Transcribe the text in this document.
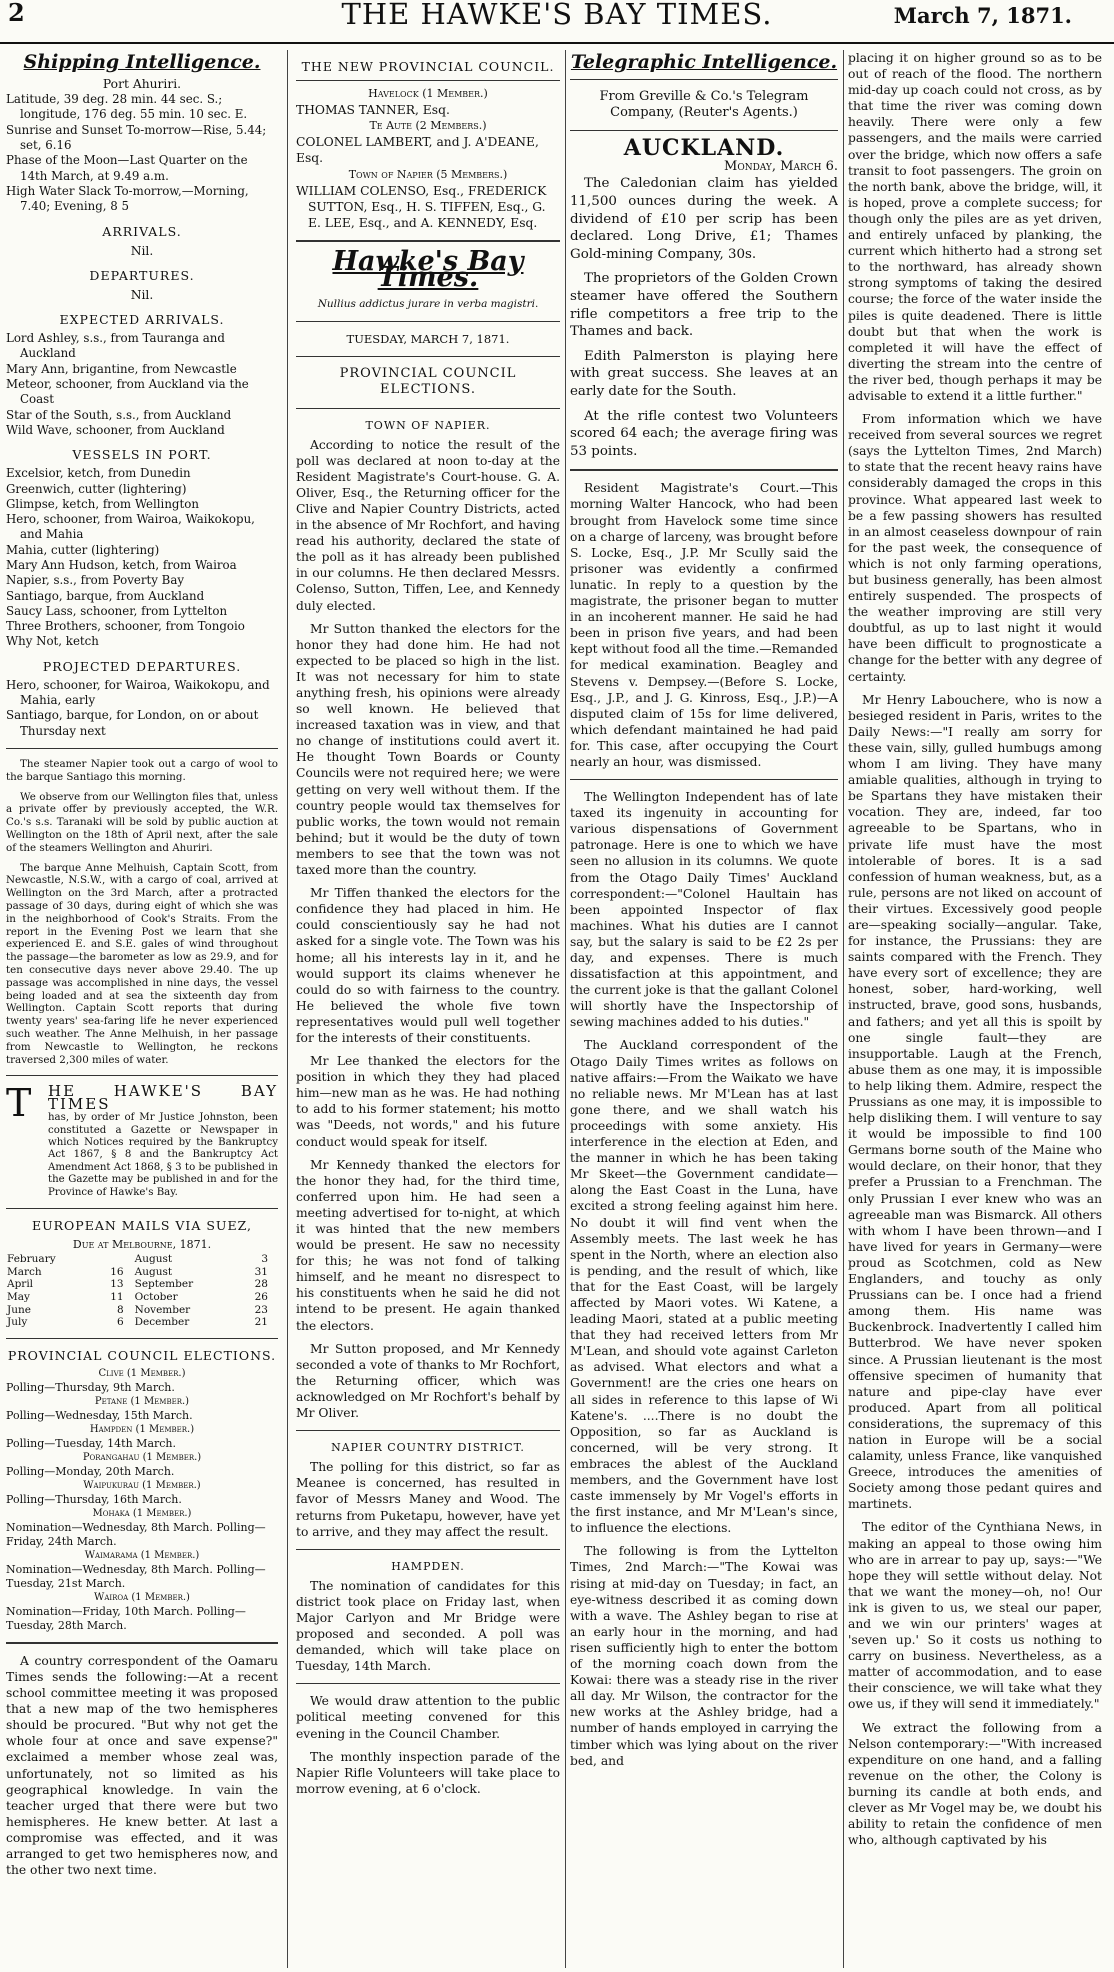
2	THE HAWKE'S BAY TIMES.	March 7, 1871.
Shipping Intelligence.

Port Ahuriri.

Latitude, 39 deg. 28 min. 44 sec. S.; longitude, 176 deg. 55 min. 10 sec. E.
Sunrise and Sunset To-morrow—Rise, 5.44; set, 6.16
Phase of the Moon—Last Quarter on the 14th March, at 9.49 a.m.
High Water Slack To-morrow,—Morning, 7.40; Evening, 8 5
ARRIVALS.

Nil.

DEPARTURES.

Nil.

EXPECTED ARRIVALS.
Lord Ashley, s.s., from Tauranga and Auckland
Mary Ann, brigantine, from Newcastle
Meteor, schooner, from Auckland via the Coast
Star of the South, s.s., from Auckland
Wild Wave, schooner, from Auckland
VESSELS IN PORT.
Excelsior, ketch, from Dunedin
Greenwich, cutter (lightering)
Glimpse, ketch, from Wellington
Hero, schooner, from Wairoa, Waikokopu, and Mahia
Mahia, cutter (lightering)
Mary Ann Hudson, ketch, from Wairoa
Napier, s.s., from Poverty Bay
Santiago, barque, from Auckland
Saucy Lass, schooner, from Lyttelton
Three Brothers, schooner, from Tongoio
Why Not, ketch
PROJECTED DEPARTURES.
Hero, schooner, for Wairoa, Waikokopu, and Mahia, early
Santiago, barque, for London, on or about Thursday next

The steamer Napier took out a cargo of wool to the barque Santiago this morning.

We observe from our Wellington files that, unless a private offer by previously accepted, the W.R. Co.'s s.s. Taranaki will be sold by public auction at Wellington on the 18th of April next, after the sale of the steamers Wellington and Ahuriri.

The barque Anne Melhuish, Captain Scott, from Newcastle, N.S.W., with a cargo of coal, arrived at Wellington on the 3rd March, after a protracted passage of 30 days, during eight of which she was in the neighborhood of Cook's Straits. From the report in the Evening Post we learn that she experienced E. and S.E. gales of wind throughout the passage—the barometer as low as 29.9, and for ten consecutive days never above 29.40. The up passage was accomplished in nine days, the vessel being loaded and at sea the sixteenth day from Wellington. Captain Scott reports that during twenty years' sea-faring life he never experienced such weather. The Anne Melhuish, in her passage from Newcastle to Wellington, he reckons traversed 2,300 miles of water.

T HE HAWKE'S BAY TIMES
has, by order of Mr Justice Johnston, been constituted a Gazette or Newspaper in which Notices required by the Bankruptcy Act 1867, § 8 and the Bankruptcy Act Amendment Act 1868, § 3 to be published in the Gazette may be published in and for the Province of Hawke's Bay.
EUROPEAN MAILS VIA SUEZ,

Due at Melbourne, 1871.

February		August	3
March	16	August	31
April	13	September	28
May	11	October	26
June	8	November	23
July	6	December	21
PROVINCIAL COUNCIL ELECTIONS.
Clive (1 Member.)
Polling—Thursday, 9th March.
Petane (1 Member.)
Polling—Wednesday, 15th March.
Hampden (1 Member.)
Polling—Tuesday, 14th March.
Porangahau (1 Member.)
Polling—Monday, 20th March.
Waipukurau (1 Member.)
Polling—Thursday, 16th March.
Mohaka (1 Member.)
Nomination—Wednesday, 8th March. Polling—Friday, 24th March.
Waimarama (1 Member.)
Nomination—Wednesday, 8th March. Polling—Tuesday, 21st March.
Wairoa (1 Member.)
Nomination—Friday, 10th March. Polling—Tuesday, 28th March.

A country correspondent of the Oamaru Times sends the following:—At a recent school committee meeting it was proposed that a new map of the two hemispheres should be procured. "But why not get the whole four at once and save expense?" exclaimed a member whose zeal was, unfortunately, not so limited as his geographical knowledge. In vain the teacher urged that there were but two hemispheres. He knew better. At last a compromise was effected, and it was arranged to get two hemispheres now, and the other two next time.

THE NEW PROVINCIAL COUNCIL.

Havelock (1 Member.)

THOMAS TANNER, Esq.

Te Aute (2 Members.)

COLONEL LAMBERT, and J. A'DEANE, Esq.

Town of Napier (5 Members.)

WILLIAM COLENSO, Esq., FREDERICK SUTTON, Esq., H. S. TIFFEN, Esq., G. E. LEE, Esq., and A. KENNEDY, Esq.
Hawke's Bay Times.
Nullius addictus jurare in verba magistri.

TUESDAY, MARCH 7, 1871.

PROVINCIAL COUNCIL ELECTIONS.
TOWN OF NAPIER.

According to notice the result of the poll was declared at noon to-day at the Resident Magistrate's Court-house. G. A. Oliver, Esq., the Returning officer for the Clive and Napier Country Districts, acted in the absence of Mr Rochfort, and having read his authority, declared the state of the poll as it has already been published in our columns. He then declared Messrs. Colenso, Sutton, Tiffen, Lee, and Kennedy duly elected.

Mr Sutton thanked the electors for the honor they had done him. He had not expected to be placed so high in the list. It was not necessary for him to state anything fresh, his opinions were already so well known. He believed that increased taxation was in view, and that no change of institutions could avert it. He thought Town Boards or County Councils were not required here; we were getting on very well without them. If the country people would tax themselves for public works, the town would not remain behind; but it would be the duty of town members to see that the town was not taxed more than the country.

Mr Tiffen thanked the electors for the confidence they had placed in him. He could conscientiously say he had not asked for a single vote. The Town was his home; all his interests lay in it, and he would support its claims whenever he could do so with fairness to the country. He believed the whole five town representatives would pull well together for the interests of their constituents.

Mr Lee thanked the electors for the position in which they they had placed him—new man as he was. He had nothing to add to his former statement; his motto was "Deeds, not words," and his future conduct would speak for itself.

Mr Kennedy thanked the electors for the honor they had, for the third time, conferred upon him. He had seen a meeting advertised for to-night, at which it was hinted that the new members would be present. He saw no necessity for this; he was not fond of talking himself, and he meant no disrespect to his constituents when he said he did not intend to be present. He again thanked the electors.

Mr Sutton proposed, and Mr Kennedy seconded a vote of thanks to Mr Rochfort, the Returning officer, which was acknowledged on Mr Rochfort's behalf by Mr Oliver.

NAPIER COUNTRY DISTRICT.

The polling for this district, so far as Meanee is concerned, has resulted in favor of Messrs Maney and Wood. The returns from Puketapu, however, have yet to arrive, and they may affect the result.

HAMPDEN.

The nomination of candidates for this district took place on Friday last, when Major Carlyon and Mr Bridge were proposed and seconded. A poll was demanded, which will take place on Tuesday, 14th March.

We would draw attention to the public political meeting convened for this evening in the Council Chamber.

The monthly inspection parade of the Napier Rifle Volunteers will take place to morrow evening, at 6 o'clock.

Telegraphic Intelligence.

From Greville & Co.'s Telegram Company, (Reuter's Agents.)

AUCKLAND.

Monday, March 6.

The Caledonian claim has yielded 11,500 ounces during the week. A dividend of £10 per scrip has been declared. Long Drive, £1; Thames Gold-mining Company, 30s.

The proprietors of the Golden Crown steamer have offered the Southern rifle competitors a free trip to the Thames and back.

Edith Palmerston is playing here with great success. She leaves at an early date for the South.

At the rifle contest two Volunteers scored 64 each; the average firing was 53 points.

Resident Magistrate's Court.—This morning Walter Hancock, who had been brought from Havelock some time since on a charge of larceny, was brought before S. Locke, Esq., J.P. Mr Scully said the prisoner was evidently a confirmed lunatic. In reply to a question by the magistrate, the prisoner began to mutter in an incoherent manner. He said he had been in prison five years, and had been kept without food all the time.—Remanded for medical examination. Beagley and Stevens v. Dempsey.—(Before S. Locke, Esq., J.P., and J. G. Kinross, Esq., J.P.)—A disputed claim of 15s for lime delivered, which defendant maintained he had paid for. This case, after occupying the Court nearly an hour, was dismissed.

The Wellington Independent has of late taxed its ingenuity in accounting for various dispensations of Government patronage. Here is one to which we have seen no allusion in its columns. We quote from the Otago Daily Times' Auckland correspondent:—"Colonel Haultain has been appointed Inspector of flax machines. What his duties are I cannot say, but the salary is said to be £2 2s per day, and expenses. There is much dissatisfaction at this appointment, and the current joke is that the gallant Colonel will shortly have the Inspectorship of sewing machines added to his duties."

The Auckland correspondent of the Otago Daily Times writes as follows on native affairs:—From the Waikato we have no reliable news. Mr M'Lean has at last gone there, and we shall watch his proceedings with some anxiety. His interference in the election at Eden, and the manner in which he has been taking Mr Skeet—the Government candidate—along the East Coast in the Luna, have excited a strong feeling against him here. No doubt it will find vent when the Assembly meets. The last week he has spent in the North, where an election also is pending, and the result of which, like that for the East Coast, will be largely affected by Maori votes. Wi Katene, a leading Maori, stated at a public meeting that they had received letters from Mr M'Lean, and should vote against Carleton as advised. What electors and what a Government! are the cries one hears on all sides in reference to this lapse of Wi Katene's. ....There is no doubt the Opposition, so far as Auckland is concerned, will be very strong. It embraces the ablest of the Auckland members, and the Government have lost caste immensely by Mr Vogel's efforts in the first instance, and Mr M'Lean's since, to influence the elections.

The following is from the Lyttelton Times, 2nd March:—"The Kowai was rising at mid-day on Tuesday; in fact, an eye-witness described it as coming down with a wave. The Ashley began to rise at an early hour in the morning, and had risen sufficiently high to enter the bottom of the morning coach down from the Kowai: there was a steady rise in the river all day. Mr Wilson, the contractor for the new works at the Ashley bridge, had a number of hands employed in carrying the timber which was lying about on the river bed, and

placing it on higher ground so as to be out of reach of the flood. The northern mid-day up coach could not cross, as by that time the river was coming down heavily. There were only a few passengers, and the mails were carried over the bridge, which now offers a safe transit to foot passengers. The groin on the north bank, above the bridge, will, it is hoped, prove a complete success; for though only the piles are as yet driven, and entirely unfaced by planking, the current which hitherto had a strong set to the northward, has already shown strong symptoms of taking the desired course; the force of the water inside the piles is quite deadened. There is little doubt but that when the work is completed it will have the effect of diverting the stream into the centre of the river bed, though perhaps it may be advisable to extend it a little further."

From information which we have received from several sources we regret (says the Lyttelton Times, 2nd March) to state that the recent heavy rains have considerably damaged the crops in this province. What appeared last week to be a few passing showers has resulted in an almost ceaseless downpour of rain for the past week, the consequence of which is not only farming operations, but business generally, has been almost entirely suspended. The prospects of the weather improving are still very doubtful, as up to last night it would have been difficult to prognosticate a change for the better with any degree of certainty.

Mr Henry Labouchere, who is now a besieged resident in Paris, writes to the Daily News:—"I really am sorry for these vain, silly, gulled humbugs among whom I am living. They have many amiable qualities, although in trying to be Spartans they have mistaken their vocation. They are, indeed, far too agreeable to be Spartans, who in private life must have the most intolerable of bores. It is a sad confession of human weakness, but, as a rule, persons are not liked on account of their virtues. Excessively good people are—speaking socially—angular. Take, for instance, the Prussians: they are saints compared with the French. They have every sort of excellence; they are honest, sober, hard-working, well instructed, brave, good sons, husbands, and fathers; and yet all this is spoilt by one single fault—they are insupportable. Laugh at the French, abuse them as one may, it is impossible to help liking them. Admire, respect the Prussians as one may, it is impossible to help disliking them. I will venture to say it would be impossible to find 100 Germans borne south of the Maine who would declare, on their honor, that they prefer a Prussian to a Frenchman. The only Prussian I ever knew who was an agreeable man was Bismarck. All others with whom I have been thrown—and I have lived for years in Germany—were proud as Scotchmen, cold as New Englanders, and touchy as only Prussians can be. I once had a friend among them. His name was Buckenbrock. Inadvertently I called him Butterbrod. We have never spoken since. A Prussian lieutenant is the most offensive specimen of humanity that nature and pipe-clay have ever produced. Apart from all political considerations, the supremacy of this nation in Europe will be a social calamity, unless France, like vanquished Greece, introduces the amenities of Society among those pedant quires and martinets.

The editor of the Cynthiana News, in making an appeal to those owing him who are in arrear to pay up, says:—"We hope they will settle without delay. Not that we want the money—oh, no! Our ink is given to us, we steal our paper, and we win our printers' wages at 'seven up.' So it costs us nothing to carry on business. Nevertheless, as a matter of accommodation, and to ease their conscience, we will take what they owe us, if they will send it immediately."

We extract the following from a Nelson contemporary:—"With increased expenditure on one hand, and a falling revenue on the other, the Colony is burning its candle at both ends, and clever as Mr Vogel may be, we doubt his ability to retain the confidence of men who, although captivated by his
